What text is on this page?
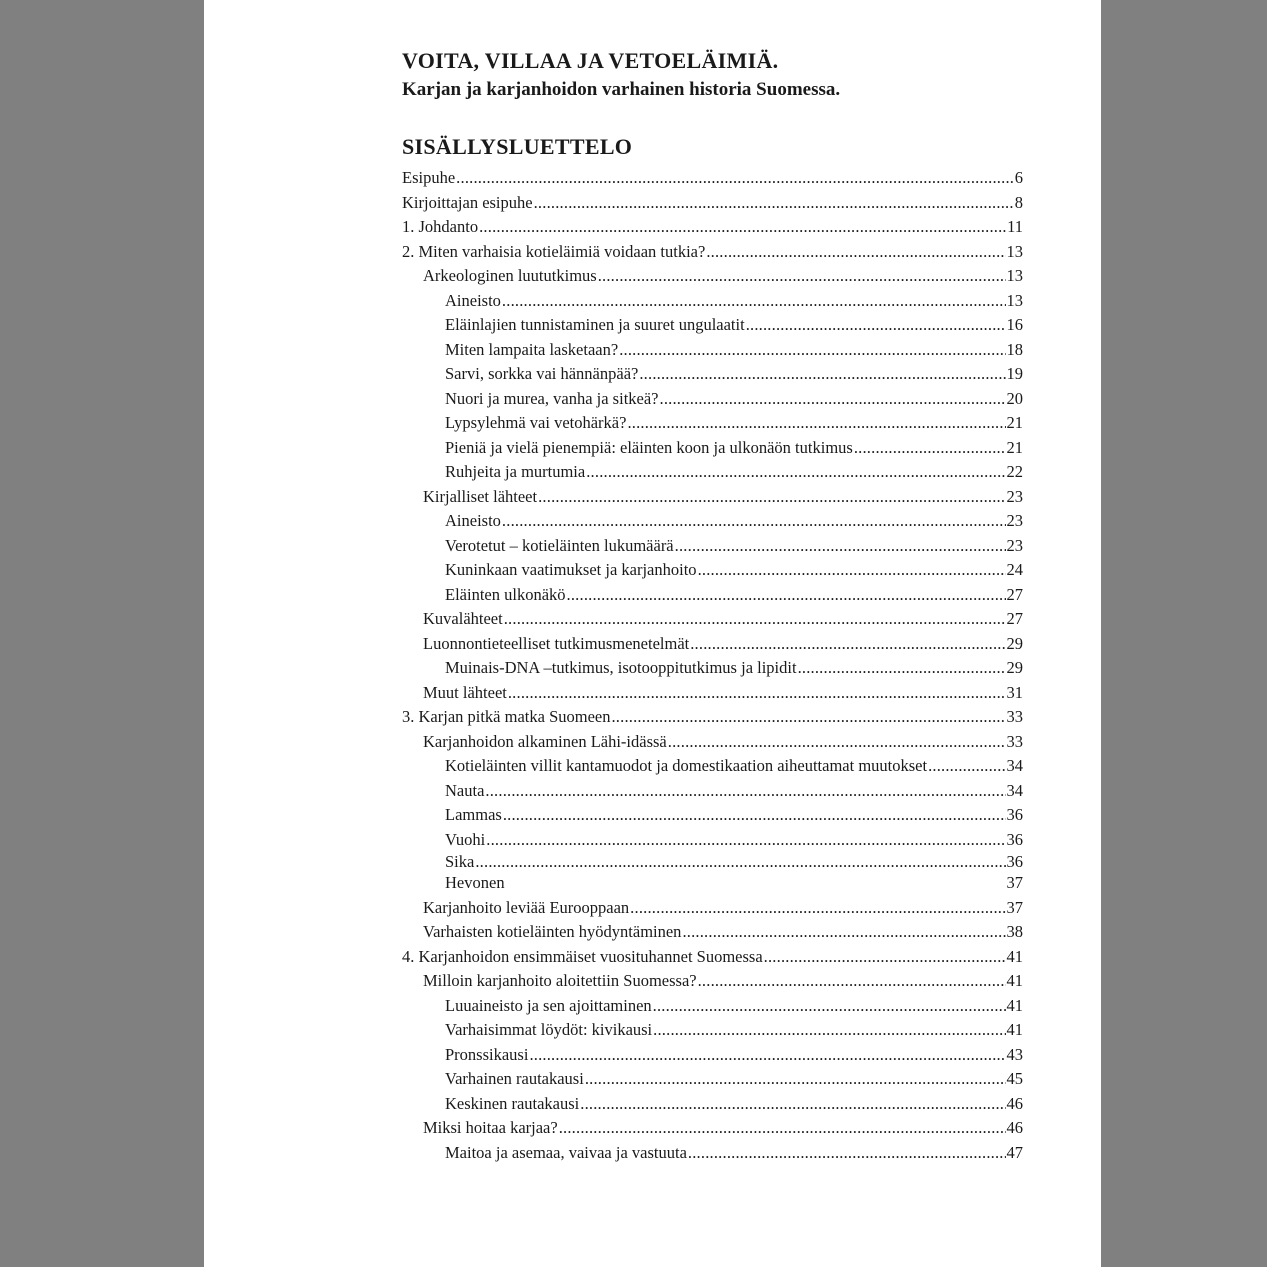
VOITA, VILLAA JA VETOELÄIMIÄ.
Karjan ja karjanhoidon varhainen historia Suomessa.
SISÄLLYSLUETTELO
Esipuhe .....	6
Kirjoittajan esipuhe .....	8
1. Johdanto .....	11
2. Miten varhaisia kotieläimiä voidaan tutkia? .....	13
Arkeologinen luututkimus .....	13
Aineisto .....	13
Eläinlajien tunnistaminen ja suuret ungulaatit .....	16
Miten lampaita lasketaan? .....	18
Sarvi, sorkka vai hännänpää? .....	19
Nuori ja murea, vanha ja sitkeä? .....	20
Lypsylehmä vai vetohärkä? .....	21
Pieniä ja vielä pienempiä: eläinten koon ja ulkonäön tutkimus .....	21
Ruhjeita ja murtumia .....	22
Kirjalliset lähteet .....	23
Aineisto .....	23
Verotetut – kotieläinten lukumäärä .....	23
Kuninkaan vaatimukset ja karjanhoito .....	24
Eläinten ulkonäkö .....	27
Kuvalähteet .....	27
Luonnontieteelliset tutkimusmenetelmät .....	29
Muinais-DNA –tutkimus, isotooppitutkimus ja lipidit .....	29
Muut lähteet .....	31
3. Karjan pitkä matka Suomeen .....	33
Karjanhoidon alkaminen Lähi-idässä .....	33
Kotieläinten villit kantamuodot ja domestikaation aiheuttamat muutokset .....	34
Nauta .....	34
Lammas .....	36
Vuohi .....	36
Sika .....	36
Hevonen	37
Karjanhoito leviää Eurooppaan .....	37
Varhaisten kotieläinten hyödyntäminen .....	38
4. Karjanhoidon ensimmäiset vuosituhannet Suomessa .....	41
Milloin karjanhoito aloitettiin Suomessa? .....	41
Luuaineisto ja sen ajoittaminen .....	41
Varhaisimmat löydöt: kivikausi .....	41
Pronssikausi .....	43
Varhainen rautakausi .....	45
Keskinen rautakausi .....	46
Miksi hoitaa karjaa? .....	46
Maitoa ja asemaa, vaivaa ja vastuuta .....	47
